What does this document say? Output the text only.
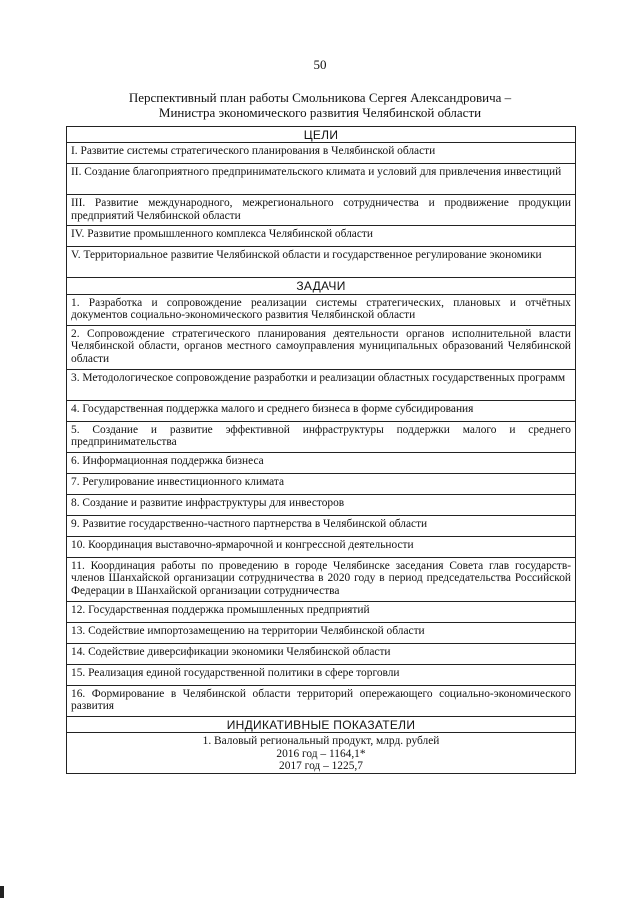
50
Перспективный план работы Смольникова Сергея Александровича –
Министра экономического развития Челябинской области
ЦЕЛИ
I. Развитие системы стратегического планирования в Челябинской области
II. Создание благоприятного предпринимательского климата и условий для привлечения инвестиций
III. Развитие международного, межрегионального сотрудничества и продвижение продукции предприятий Челябинской области
IV. Развитие промышленного комплекса Челябинской области
V. Территориальное развитие Челябинской области и государственное регулирование экономики
ЗАДАЧИ
1. Разработка и сопровождение реализации системы стратегических, плановых и отчётных документов социально-экономического развития Челябинской области
2. Сопровождение стратегического планирования деятельности органов исполнительной власти Челябинской области, органов местного самоуправления муниципальных образований Челябинской области
3. Методологическое сопровождение разработки и реализации областных государственных программ
4. Государственная поддержка малого и среднего бизнеса в форме субсидирования
5. Создание и развитие эффективной инфраструктуры поддержки малого и среднего предпринимательства
6. Информационная поддержка бизнеса
7. Регулирование инвестиционного климата
8. Создание и развитие инфраструктуры для инвесторов
9. Развитие государственно-частного партнерства в Челябинской области
10. Координация выставочно-ярмарочной и конгрессной деятельности
11. Координация работы по проведению в городе Челябинске заседания Совета глав государств-членов Шанхайской организации сотрудничества в 2020 году в период председательства Российской Федерации в Шанхайской организации сотрудничества
12. Государственная поддержка промышленных предприятий
13. Содействие импортозамещению на территории Челябинской области
14. Содействие диверсификации экономики Челябинской области
15. Реализация единой государственной политики в сфере торговли
16. Формирование в Челябинской области территорий опережающего социально-экономического развития
ИНДИКАТИВНЫЕ ПОКАЗАТЕЛИ

1. Валовый региональный продукт, млрд. рублей
2016 год – 1164,1*
2017 год – 1225,7
